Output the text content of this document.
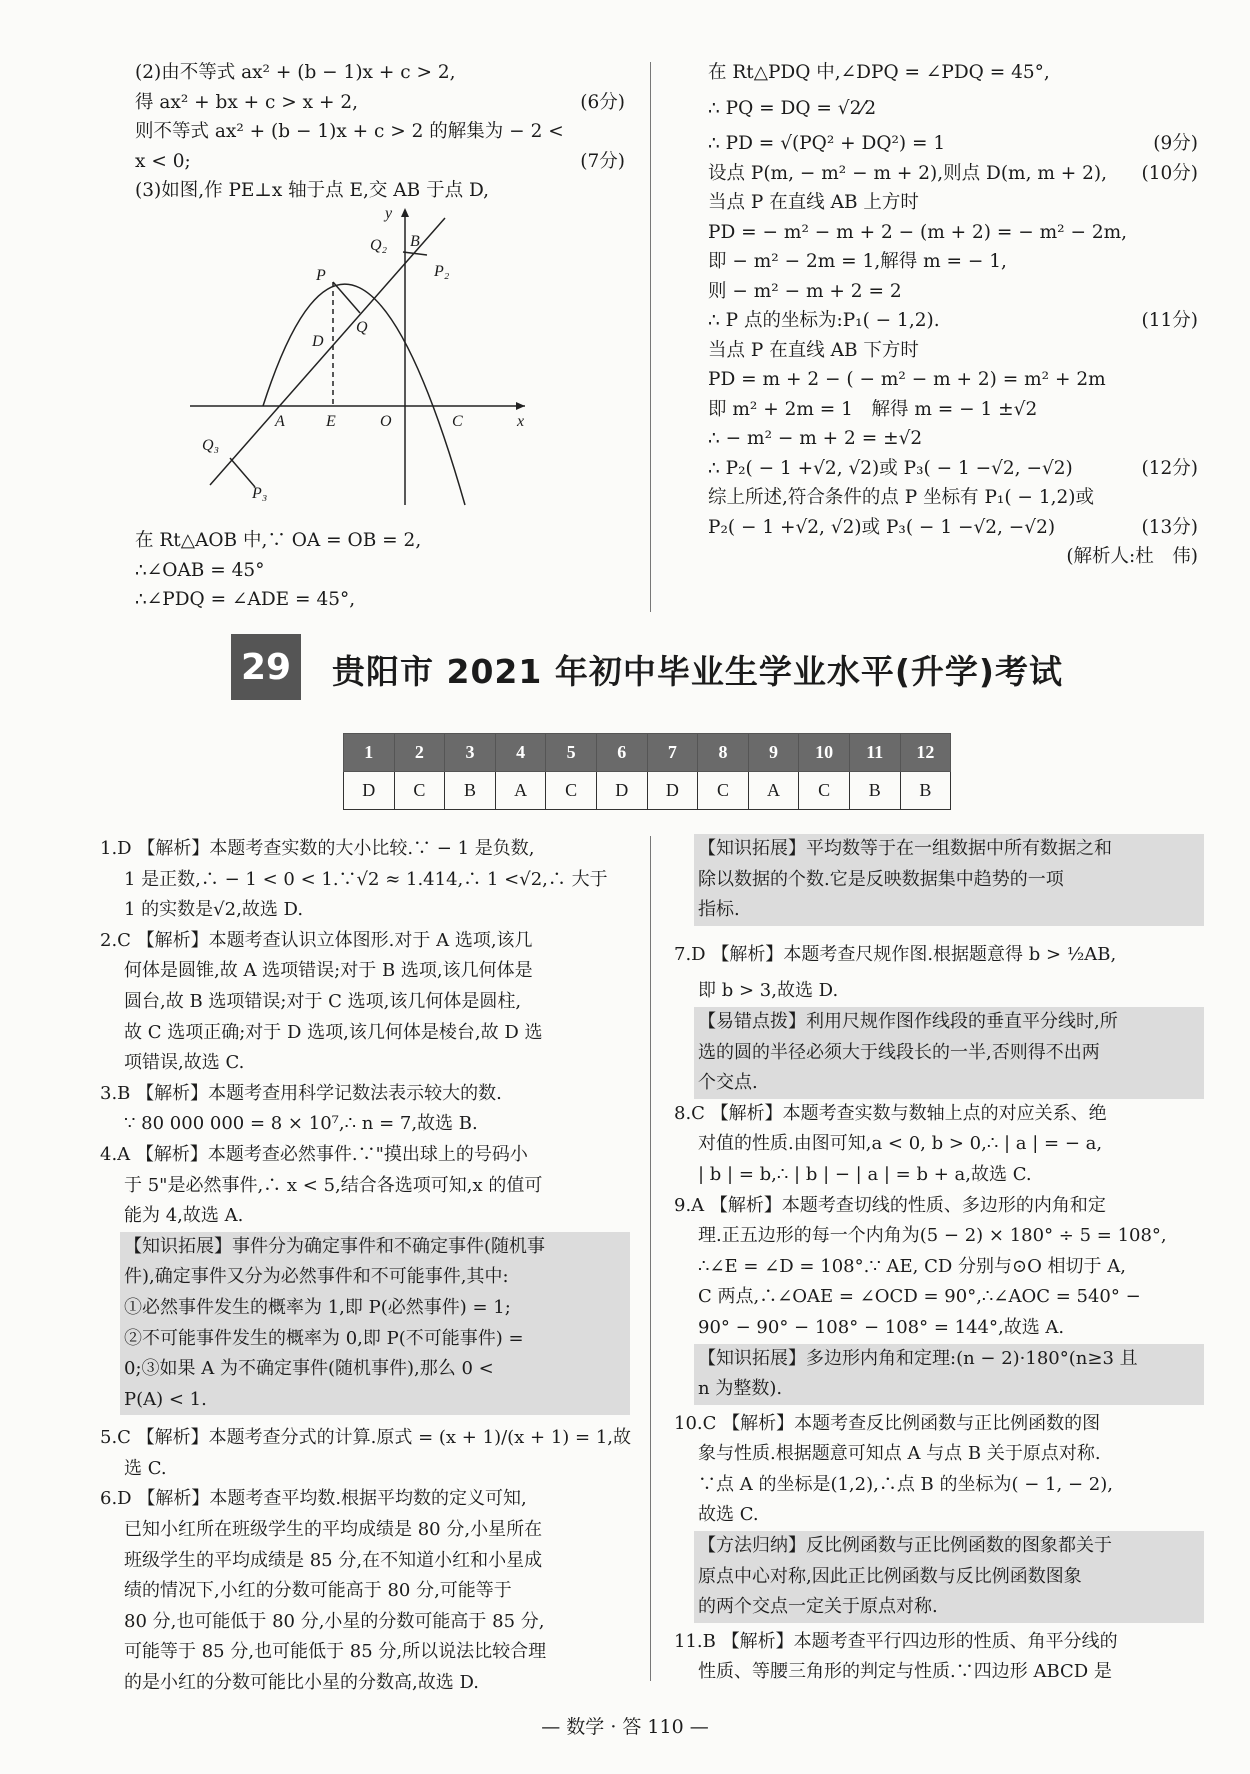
(2)由不等式 ax² + (b − 1)x + c > 2,
得 ax² + bx + c > x + 2,	(6分)
则不等式 ax² + (b − 1)x + c > 2 的解集为 − 2 <
x < 0;	(7分)
(3)如图,作 PE⊥x 轴于点 E,交 AB 于点 D,
y
x
P
Q₂ B
P₂
D
Q
A	E	O	C
Q₃
P₃
在 Rt△AOB 中,∵ OA = OB = 2,
∴∠OAB = 45°
∴∠PDQ = ∠ADE = 45°,
在 Rt△PDQ 中,∠DPQ = ∠PDQ = 45°,
∴ PQ = DQ = √2⁄2
∴ PD = √(PQ² + DQ²) = 1	(9分)
设点 P(m, − m² − m + 2),则点 D(m, m + 2), (10分)
当点 P 在直线 AB 上方时
PD = − m² − m + 2 − (m + 2) = − m² − 2m,
即 − m² − 2m = 1,解得 m = − 1,
则 − m² − m + 2 = 2
∴ P 点的坐标为:P₁( − 1,2).	(11分)
当点 P 在直线 AB 下方时
PD = m + 2 − ( − m² − m + 2) = m² + 2m
即 m² + 2m = 1　解得 m = − 1 ±√2
∴ − m² − m + 2 = ±√2
∴ P₂( − 1 +√2, √2)或 P₃( − 1 −√2, −√2)	(12分)
综上所述,符合条件的点 P 坐标有 P₁( − 1,2)或
P₂( − 1 +√2, √2)或 P₃( − 1 −√2, −√2)	(13分)
(解析人:杜　伟)
29	贵阳市 2021 年初中毕业生学业水平(升学)考试
1	2	3	4	5	6	7	8	9	10	11	12
D	C	B	A	C	D	D	C	A	C	B	B
1.D 【解析】本题考查实数的大小比较.∵ − 1 是负数,
1 是正数,∴ − 1 < 0 < 1.∵√2 ≈ 1.414,∴ 1 <√2,∴ 大于
1 的实数是√2,故选 D.
2.C 【解析】本题考查认识立体图形.对于 A 选项,该几
何体是圆锥,故 A 选项错误;对于 B 选项,该几何体是
圆台,故 B 选项错误;对于 C 选项,该几何体是圆柱,
故 C 选项正确;对于 D 选项,该几何体是棱台,故 D 选
项错误,故选 C.
3.B 【解析】本题考查用科学记数法表示较大的数.
∵ 80 000 000 = 8 × 10⁷,∴ n = 7,故选 B.
4.A 【解析】本题考查必然事件.∵"摸出球上的号码小
于 5"是必然事件,∴ x < 5,结合各选项可知,x 的值可
能为 4,故选 A.
【知识拓展】事件分为确定事件和不确定事件(随机事
件),确定事件又分为必然事件和不可能事件,其中:
①必然事件发生的概率为 1,即 P(必然事件) = 1;
②不可能事件发生的概率为 0,即 P(不可能事件) =
0;③如果 A 为不确定事件(随机事件),那么 0 <
P(A) < 1.
5.C 【解析】本题考查分式的计算.原式 = (x + 1)/(x + 1) = 1,故
选 C.
6.D 【解析】本题考查平均数.根据平均数的定义可知,
已知小红所在班级学生的平均成绩是 80 分,小星所在
班级学生的平均成绩是 85 分,在不知道小红和小星成
绩的情况下,小红的分数可能高于 80 分,可能等于
80 分,也可能低于 80 分,小星的分数可能高于 85 分,
可能等于 85 分,也可能低于 85 分,所以说法比较合理
的是小红的分数可能比小星的分数高,故选 D.
【知识拓展】平均数等于在一组数据中所有数据之和
除以数据的个数.它是反映数据集中趋势的一项
指标.
7.D 【解析】本题考查尺规作图.根据题意得 b > ½AB,
即 b > 3,故选 D.
【易错点拨】利用尺规作图作线段的垂直平分线时,所
选的圆的半径必须大于线段长的一半,否则得不出两
个交点.
8.C 【解析】本题考查实数与数轴上点的对应关系、绝
对值的性质.由图可知,a < 0, b > 0,∴ | a | = − a,
| b | = b,∴ | b | − | a | = b + a,故选 C.
9.A 【解析】本题考查切线的性质、多边形的内角和定
理.正五边形的每一个内角为(5 − 2) × 180° ÷ 5 = 108°,
∴∠E = ∠D = 108°.∵ AE, CD 分别与⊙O 相切于 A,
C 两点,∴∠OAE = ∠OCD = 90°,∴∠AOC = 540° −
90° − 90° − 108° − 108° = 144°,故选 A.
【知识拓展】多边形内角和定理:(n − 2)·180°(n≥3 且
n 为整数).
10.C 【解析】本题考查反比例函数与正比例函数的图
象与性质.根据题意可知点 A 与点 B 关于原点对称.
∵点 A 的坐标是(1,2),∴点 B 的坐标为( − 1, − 2),
故选 C.
【方法归纳】反比例函数与正比例函数的图象都关于
原点中心对称,因此正比例函数与反比例函数图象
的两个交点一定关于原点对称.
11.B 【解析】本题考查平行四边形的性质、角平分线的
性质、等腰三角形的判定与性质.∵四边形 ABCD 是
— 数学 · 答 110 —
